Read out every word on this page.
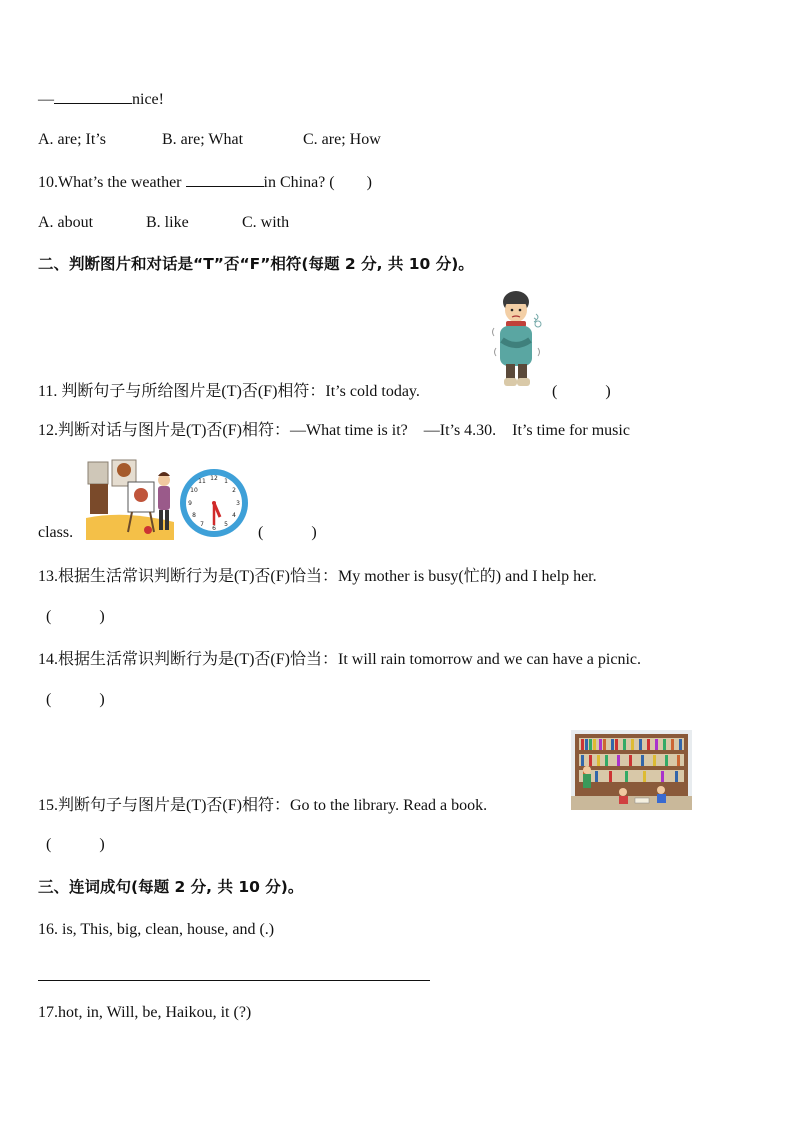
—	nice!
A. are; It’s	B. are; What	C. are; How
10.What’s the weather	in China? (　　)
A. about	B. like	C. with
二、判断图片和对话是“T”否“F”相符(每题 2 分, 共 10 分)。
11. 判断句子与所给图片是(T)否(F)相符：It’s cold today.	(　　　)
12.判断对话与图片是(T)否(F)相符：—What time is it?　—It’s 4.30.　It’s time for music
12 1
2
3
4
5
6
7
8
9
10
11
class.	(　　　)
13.根据生活常识判断行为是(T)否(F)恰当：My mother is busy(忙的) and I help her.
(　　　)
14.根据生活常识判断行为是(T)否(F)恰当：It will rain tomorrow and we can have a picnic.
(　　　)
15.判断句子与图片是(T)否(F)相符：Go to the library. Read a book.
(　　　)
三、连词成句(每题 2 分, 共 10 分)。
16. is, This, big, clean, house, and (.)
17.hot, in, Will, be, Haikou, it (?)
